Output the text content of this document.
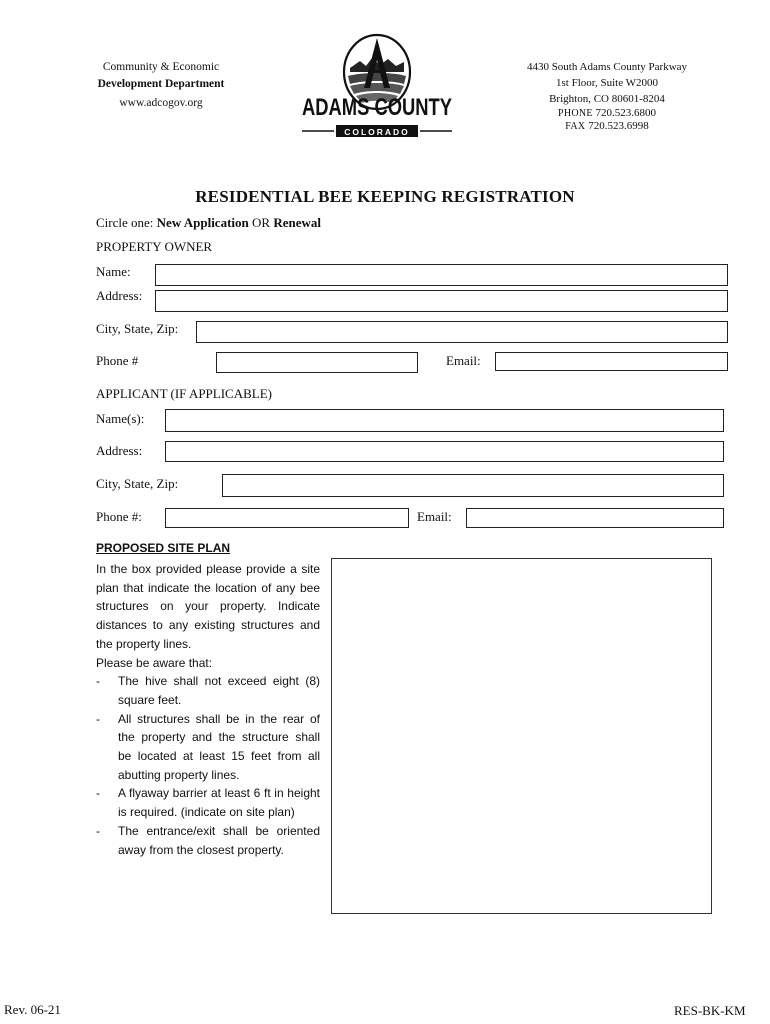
Community & Economic
Development Department
www.adcogov.org	ADAMS COUNTY
COLORADO
4430 South Adams County Parkway
1st Floor, Suite W2000
Brighton, CO 80601-8204
PHONE 720.523.6800
FAX 720.523.6998
RESIDENTIAL BEE KEEPING REGISTRATION
Circle one: New Application OR Renewal
PROPERTY OWNER
Name:
Address:
City, State, Zip:
Phone #	Email:
APPLICANT (IF APPLICABLE)
Name(s):
Address:
City, State, Zip:
Phone #:	Email:
PROPOSED SITE PLAN

In the box provided please provide a site plan that indicate the location of any bee structures on your property. Indicate distances to any existing structures and the property lines.

Please be aware that:

-	The hive shall not exceed eight (8) square feet.
-	All structures shall be in the rear of the property and the structure shall be located at least 15 feet from all abutting property lines.
-	A flyaway barrier at least 6 ft in height is required. (indicate on site plan)
-	The entrance/exit shall be oriented away from the closest property.
Rev. 06-21	RES-BK-KM
